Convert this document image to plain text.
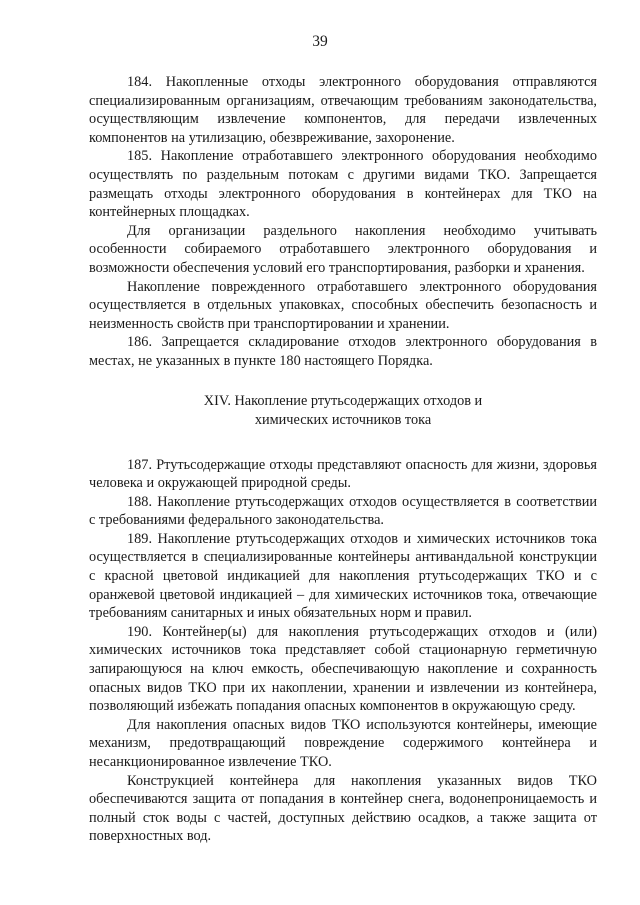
39

184. Накопленные отходы электронного оборудования отправляются специализированным организациям, отвечающим требованиям законодательства, осуществляющим извлечение компонентов, для передачи извлеченных компонентов на утилизацию, обезвреживание, захоронение.

185. Накопление отработавшего электронного оборудования необходимо осуществлять по раздельным потокам с другими видами ТКО. Запрещается размещать отходы электронного оборудования в контейнерах для ТКО на контейнерных площадках.

Для организации раздельного накопления необходимо учитывать особенности собираемого отработавшего электронного оборудования и возможности обеспечения условий его транспортирования, разборки и хранения.

Накопление поврежденного отработавшего электронного оборудования осуществляется в отдельных упаковках, способных обеспечить безопасность и неизменность свойств при транспортировании и хранении.

186. Запрещается складирование отходов электронного оборудования в местах, не указанных в пункте 180 настоящего Порядка.

XIV. Накопление ртутьсодержащих отходов и
химических источников тока

187. Ртутьсодержащие отходы представляют опасность для жизни, здоровья человека и окружающей природной среды.

188. Накопление ртутьсодержащих отходов осуществляется в соответствии с требованиями федерального законодательства.

189. Накопление ртутьсодержащих отходов и химических источников тока осуществляется в специализированные контейнеры антивандальной конструкции с красной цветовой индикацией для накопления ртутьсодержащих ТКО и с оранжевой цветовой индикацией – для химических источников тока, отвечающие требованиям санитарных и иных обязательных норм и правил.

190. Контейнер(ы) для накопления ртутьсодержащих отходов и (или) химических источников тока представляет собой стационарную герметичную запирающуюся на ключ емкость, обеспечивающую накопление и сохранность опасных видов ТКО при их накоплении, хранении и извлечении из контейнера, позволяющий избежать попадания опасных компонентов в окружающую среду.

Для накопления опасных видов ТКО используются контейнеры, имеющие механизм, предотвращающий повреждение содержимого контейнера и несанкционированное извлечение ТКО.

Конструкцией контейнера для накопления указанных видов ТКО обеспечиваются защита от попадания в контейнер снега, водонепроницаемость и полный сток воды с частей, доступных действию осадков, а также защита от поверхностных вод.
